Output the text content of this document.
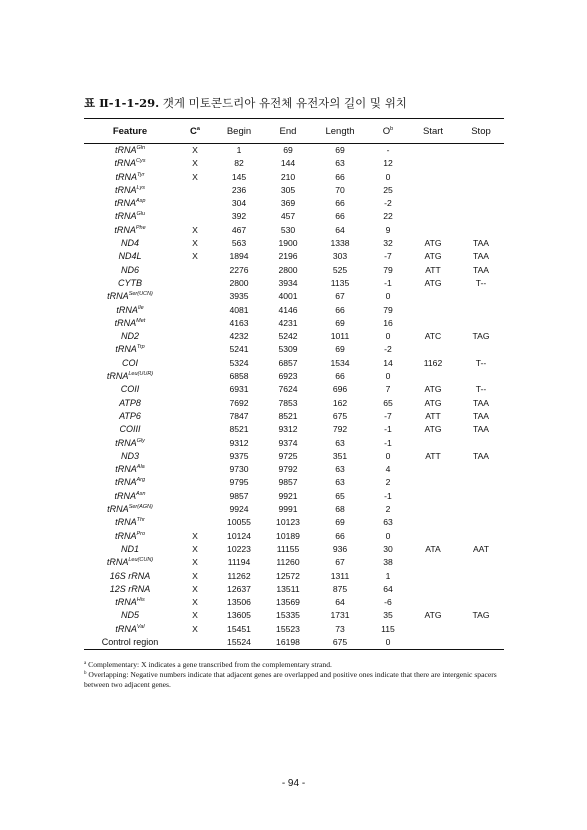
표 Ⅱ-1-1-29. 갯게 미토콘드리아 유전체 유전자의 길이 및 위치
Feature	$C^a$	Begin	End	Length	$O^b$	Start	Stop
tRNA$^{Gln}$	X	1	69	69	-		
tRNA$^{Cys}$	X	82	144	63	12		
tRNA$^{Tyr}$	X	145	210	66	0		
tRNA$^{Lys}$		236	305	70	25		
tRNA$^{Asp}$		304	369	66	-2		
tRNA$^{Glu}$		392	457	66	22		
tRNA$^{Phe}$	X	467	530	64	9		
ND4	X	563	1900	1338	32	ATG	TAA
ND4L	X	1894	2196	303	-7	ATG	TAA
ND6		2276	2800	525	79	ATT	TAA
CYTB		2800	3934	1135	-1	ATG	T--
tRNA$^{Ser(UCN)}$		3935	4001	67	0		
tRNA$^{Ile}$		4081	4146	66	79		
tRNA$^{Met}$		4163	4231	69	16		
ND2		4232	5242	1011	0	ATC	TAG
tRNA$^{Trp}$		5241	5309	69	-2		
COI		5324	6857	1534	14	1162	T--
tRNA$^{Leu(UUR)}$		6858	6923	66	0		
COII		6931	7624	696	7	ATG	T--
ATP8		7692	7853	162	65	ATG	TAA
ATP6		7847	8521	675	-7	ATT	TAA
COIII		8521	9312	792	-1	ATG	TAA
tRNA$^{Gly}$		9312	9374	63	-1		
ND3		9375	9725	351	0	ATT	TAA
tRNA$^{Ala}$		9730	9792	63	4		
tRNA$^{Arg}$		9795	9857	63	2		
tRNA$^{Asn}$		9857	9921	65	-1		
tRNA$^{Ser(AGN)}$		9924	9991	68	2		
tRNA$^{Thr}$		10055	10123	69	63		
tRNA$^{Pro}$	X	10124	10189	66	0		
ND1	X	10223	11155	936	30	ATA	AAT
tRNA$^{Leu(CUN)}$	X	11194	11260	67	38		
16S rRNA	X	11262	12572	1311	1		
12S rRNA	X	12637	13511	875	64		
tRNA$^{His}$	X	13506	13569	64	-6		
ND5	X	13605	15335	1731	35	ATG	TAG
tRNA$^{Val}$	X	15451	15523	73	115		
Control region		15524	16198	675	0		
$^a$ Complementary: X indicates a gene transcribed from the complementary strand.
$^b$ Overlapping: Negative numbers indicate that adjacent genes are overlapped and positive ones indicate that there are intergenic spacers between two adjacent genes.
- 94 -
